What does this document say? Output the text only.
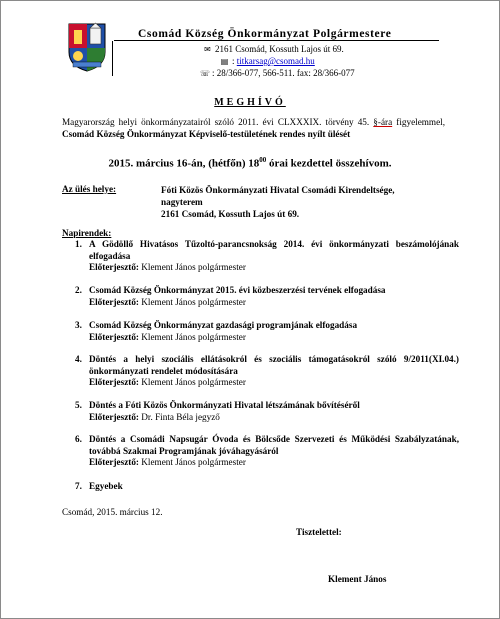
Csomád Község Önkormányzat Polgármestere
✉ 2161 Csomád, Kossuth Lajos út 69.
▤ : titkarsag@csomad.hu
☏ : 28/366-077, 566-511. fax: 28/366-077
MEGHÍVÓ
Magyarország helyi önkormányzatairól szóló 2011. évi CLXXXIX. törvény 45. §-ára figyelemmel, Csomád Község Önkormányzat Képviselő-testületének rendes nyílt ülését
2015. március 16-án, (hétfőn) $18^{00}$ órai kezdettel összehívom.
Az ülés helye:	Fóti Közös Önkormányzati Hivatal Csomádi Kirendeltsége,
nagyterem
2161 Csomád, Kossuth Lajos út 69.
Napirendek:
1. A Gödöllő Hivatásos Tűzoltó-parancsnokság 2014. évi önkormányzati beszámolójának elfogadása
Előterjesztő: Klement János polgármester
2. Csomád Község Önkormányzat 2015. évi közbeszerzési tervének elfogadása
Előterjesztő: Klement János polgármester
3. Csomád Község Önkormányzat gazdasági programjának elfogadása
Előterjesztő: Klement János polgármester
4. Döntés a helyi szociális ellátásokról és szociális támogatásokról szóló 9/2011(XI.04.) önkormányzati rendelet módosítására
Előterjesztő: Klement János polgármester
5. Döntés a Fóti Közös Önkormányzati Hivatal létszámának bővítéséről
Előterjesztő: Dr. Finta Béla jegyző
6. Döntés a Csomádi Napsugár Óvoda és Bölcsőde Szervezeti és Működési Szabályzatának, továbbá Szakmai Programjának jóváhagyásáról
Előterjesztő: Klement János polgármester
7. Egyebek
Csomád, 2015. március 12.
Tisztelettel:
Klement János
